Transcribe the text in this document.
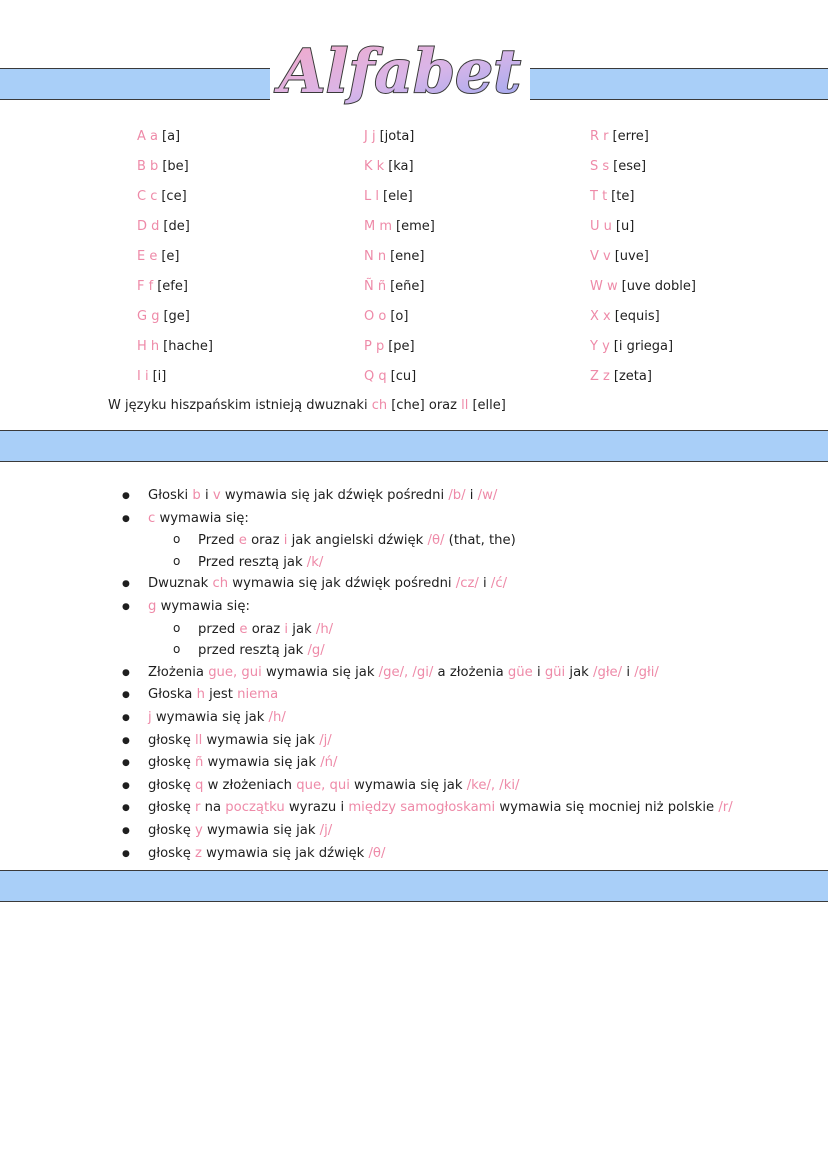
Alfabet
A a [a]
B b [be]
C c [ce]
D d [de]
E e [e]
F f [efe]
G g [ge]
H h [hache]
I i [i]
J j [jota]
K k [ka]
L l [ele]
M m [eme]
N n [ene]
Ñ ñ [eñe]
O o [o]
P p [pe]
Q q [cu]
R r [erre]
S s [ese]
T t [te]
U u [u]
V v [uve]
W w [uve doble]
X x [equis]
Y y [i griega]
Z z [zeta]
W języku hiszpańskim istnieją dwuznaki ch [che] oraz ll [elle]
● Głoski b i v wymawia się jak dźwięk pośredni /b/ i /w/
● c wymawia się:
o Przed e oraz i jak angielski dźwięk /θ/ (that, the)
o Przed resztą jak /k/
● Dwuznak ch wymawia się jak dźwięk pośredni /cz/ i /ć/
● g wymawia się:
o przed e oraz i jak /h/
o przed resztą jak /g/
● Złożenia gue, gui wymawia się jak /ge/, /gi/ a złożenia güe i güi jak /głe/ i /głi/
● Głoska h jest niema
● j wymawia się jak /h/
● głoskę ll wymawia się jak /j/
● głoskę ñ wymawia się jak /ń/
● głoskę q w złożeniach que, qui wymawia się jak /ke/, /ki/
● głoskę r na początku wyrazu i między samogłoskami wymawia się mocniej niż polskie /r/
● głoskę y wymawia się jak /j/
● głoskę z wymawia się jak dźwięk /θ/
